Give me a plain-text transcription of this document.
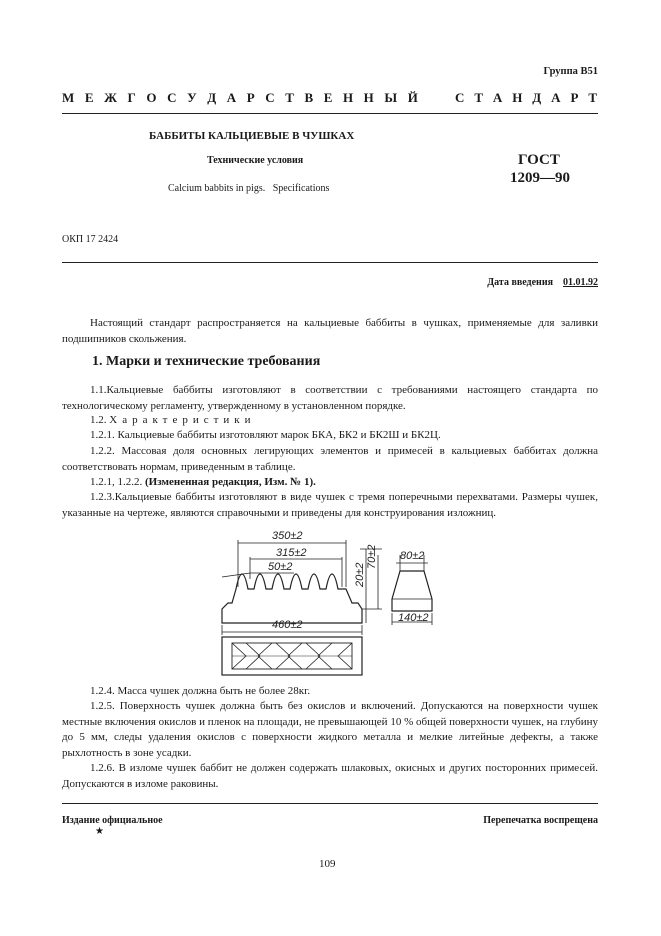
Группа В51
М Е Ж Г О С У Д А Р С Т В Е Н Н Ы Й	С Т А Н Д А Р Т
БАББИТЫ КАЛЬЦИЕВЫЕ В ЧУШКАХ
Технические условия
Calcium babbits in pigs.   Specifications
ГОСТ
1209—90
ОКП 17 2424
Дата введения 01.01.92
Настоящий стандарт распространяется на кальциевые баббиты в чушках, применяемые для заливки подшипников скольжения.
1. Марки и технические требования
1.1.Кальциевые баббиты изготовляют в соответствии с требованиями настоящего стандарта по технологическому регламенту, утвержденному в установленном порядке.
1.2. Характеристики
1.2.1. Кальциевые баббиты изготовляют марок БКА, БК2 и БК2Ш и БК2Ц.
1.2.2. Массовая доля основных легирующих элементов и примесей в кальциевых баббитах должна соответствовать нормам, приведенным в таблице.
1.2.1, 1.2.2. (Измененная редакция, Изм. № 1).
1.2.3.Кальциевые баббиты изготовляют в виде чушек с тремя поперечными перехватами. Размеры чушек, указанные на чертеже, являются справочными и приведены для конструирования изложниц.
350±2
315±2
50±2
460±2
20±2
70±2 80±2
140±2
1.2.4. Масса чушек должна быть не более 28кг.
1.2.5. Поверхность чушек должна быть без окислов и включений. Допускаются на поверхности чушек местные включения окислов и пленок на площади, не превышающей 10 % общей поверхности чушек, на глубину до 5 мм, следы удаления окислов с поверхности жидкого металла и мелкие литейные дефекты, а также рыхлотность в зоне усадки.
1.2.6. В изломе чушек баббит не должен содержать шлаковых, окисных и других посторонних примесей. Допускаются в изломе раковины.
Издание официальное	Перепечатка воспрещена
★
109
